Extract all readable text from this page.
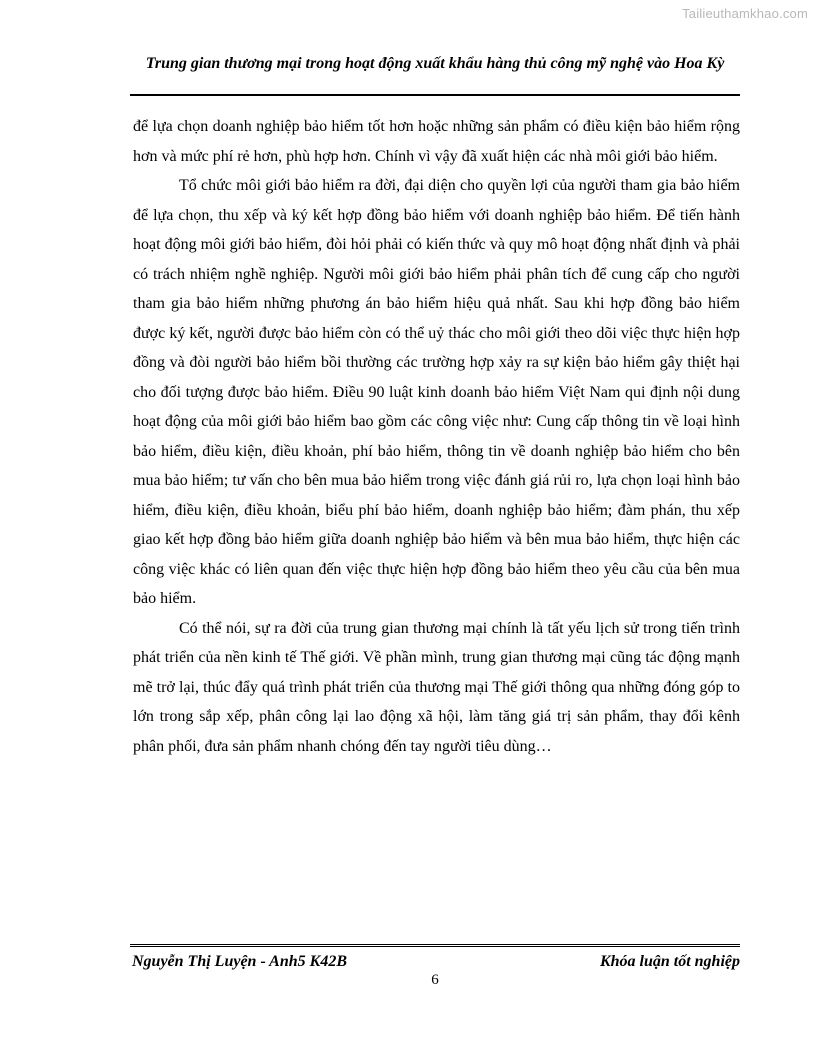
Tailieuthamkhao.com
Trung gian thương mại trong hoạt động xuất khẩu hàng thủ công mỹ nghệ vào Hoa Kỳ

để lựa chọn doanh nghiệp bảo hiểm tốt hơn hoặc những sản phẩm có điều kiện bảo hiểm rộng hơn và mức phí rẻ hơn, phù hợp hơn. Chính vì vậy đã xuất hiện các nhà môi giới bảo hiểm.

Tổ chức môi giới bảo hiểm ra đời, đại diện cho quyền lợi của người tham gia bảo hiểm để lựa chọn, thu xếp và ký kết hợp đồng bảo hiểm với doanh nghiệp bảo hiểm. Để tiến hành hoạt động môi giới bảo hiểm, đòi hỏi phải có kiến thức và quy mô hoạt động nhất định và phải có trách nhiệm nghề nghiệp. Người môi giới bảo hiểm phải phân tích để cung cấp cho người tham gia bảo hiểm những phương án bảo hiểm hiệu quả nhất. Sau khi hợp đồng bảo hiểm được ký kết, người được bảo hiểm còn có thể uỷ thác cho môi giới theo dõi việc thực hiện hợp đồng và đòi người bảo hiểm bồi thường các trường hợp xảy ra sự kiện bảo hiểm gây thiệt hại cho đối tượng được bảo hiểm. Điều 90 luật kinh doanh bảo hiểm Việt Nam qui định nội dung hoạt động của môi giới bảo hiểm bao gồm các công việc như: Cung cấp thông tin về loại hình bảo hiểm, điều kiện, điều khoản, phí bảo hiểm, thông tin về doanh nghiệp bảo hiểm cho bên mua bảo hiểm; tư vấn cho bên mua bảo hiểm trong việc đánh giá rủi ro, lựa chọn loại hình bảo hiểm, điều kiện, điều khoản, biểu phí bảo hiểm, doanh nghiệp bảo hiểm; đàm phán, thu xếp giao kết hợp đồng bảo hiểm giữa doanh nghiệp bảo hiểm và bên mua bảo hiểm, thực hiện các công việc khác có liên quan đến việc thực hiện hợp đồng bảo hiểm theo yêu cầu của bên mua bảo hiểm.

Có thể nói, sự ra đời của trung gian thương mại chính là tất yếu lịch sử trong tiến trình phát triển của nền kinh tế Thế giới. Về phần mình, trung gian thương mại cũng tác động mạnh mẽ trở lại, thúc đẩy quá trình phát triển của thương mại Thế giới thông qua những đóng góp to lớn trong sắp xếp, phân công lại lao động xã hội, làm tăng giá trị sản phẩm, thay đổi kênh phân phối, đưa sản phẩm nhanh chóng đến tay người tiêu dùng…

Nguyễn Thị Luyện - Anh5 K42B	Khóa luận tốt nghiệp
6
